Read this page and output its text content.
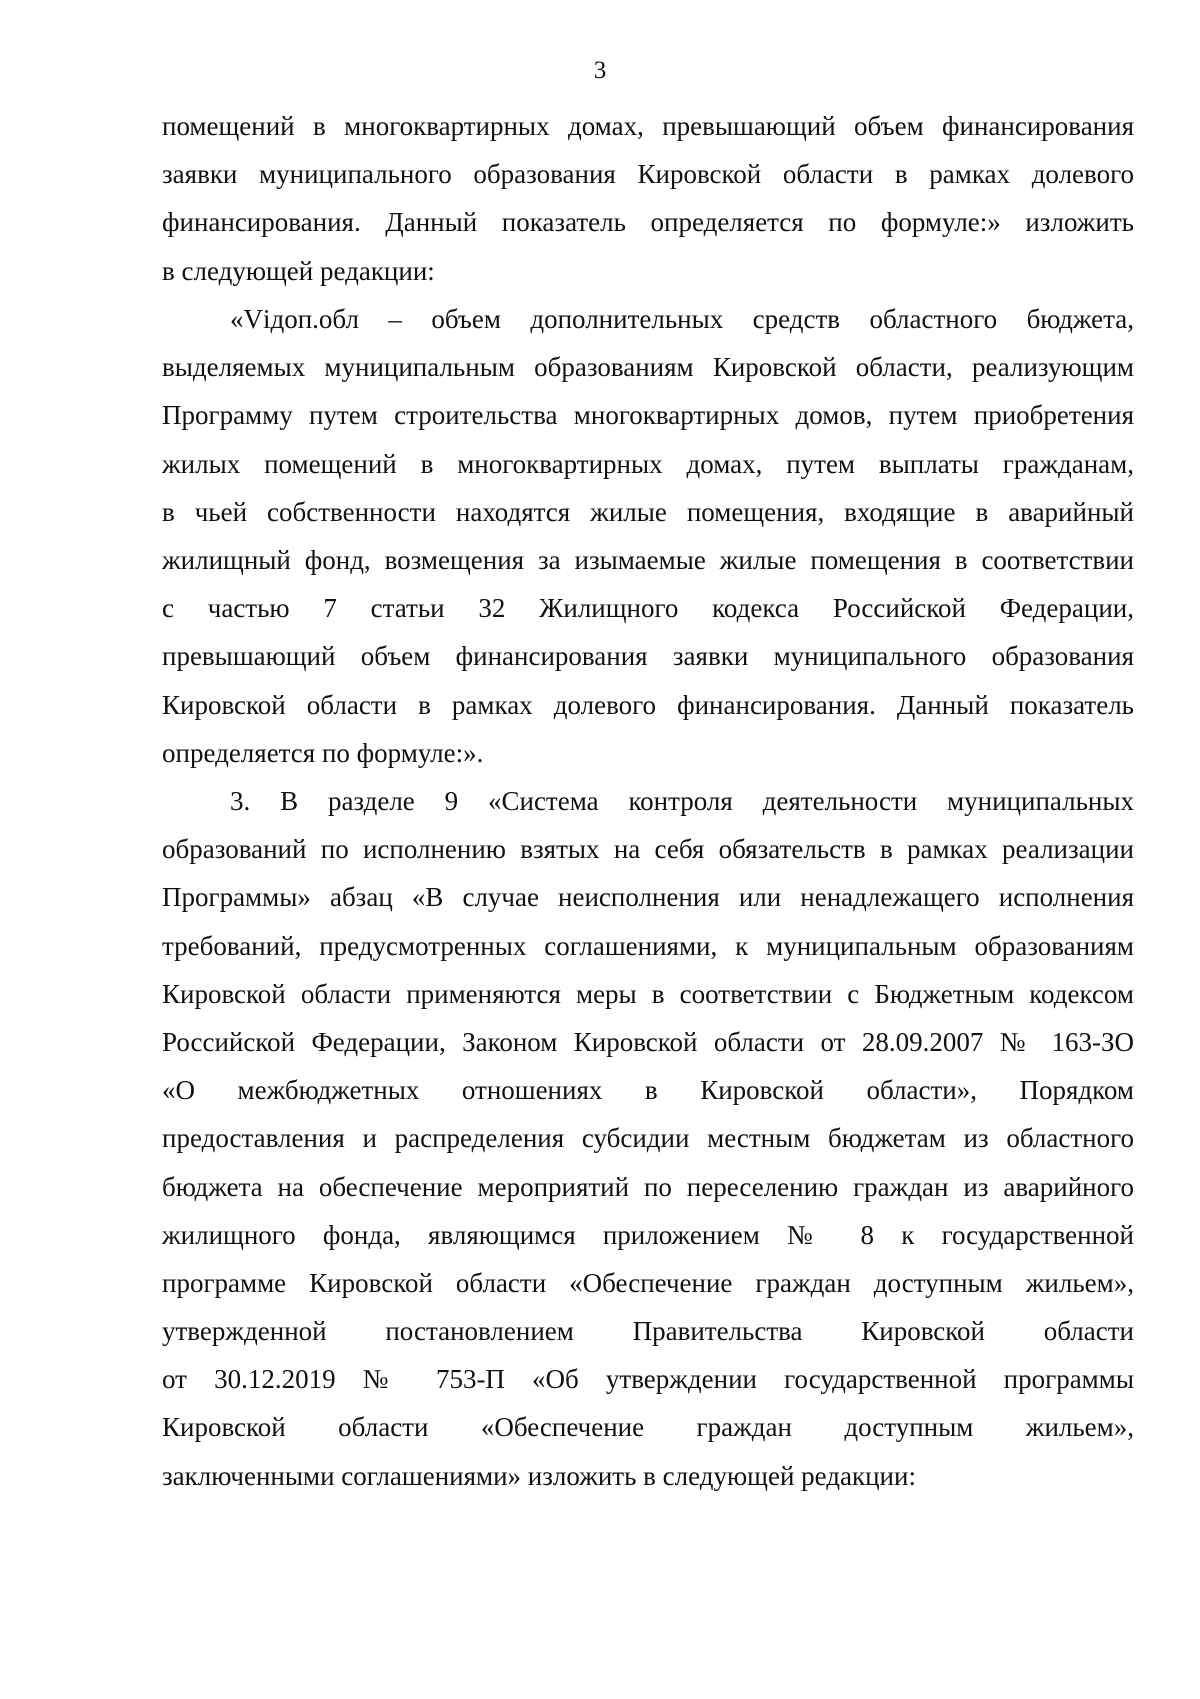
3
помещений в многоквартирных домах, превышающий объем финансирования
заявки муниципального образования Кировской области в рамках долевого
финансирования. Данный показатель определяется по формуле:» изложить
в следующей редакции:
«Vідоп.обл – объем дополнительных средств областного бюджета,
выделяемых муниципальным образованиям Кировской области, реализующим
Программу путем строительства многоквартирных домов, путем приобретения
жилых помещений в многоквартирных домах, путем выплаты гражданам,
в чьей собственности находятся жилые помещения, входящие в аварийный
жилищный фонд, возмещения за изымаемые жилые помещения в соответствии
с частью 7 статьи 32 Жилищного кодекса Российской Федерации,
превышающий объем финансирования заявки муниципального образования
Кировской области в рамках долевого финансирования. Данный показатель
определяется по формуле:».
3. В разделе 9 «Система контроля деятельности муниципальных
образований по исполнению взятых на себя обязательств в рамках реализации
Программы» абзац «В случае неисполнения или ненадлежащего исполнения
требований, предусмотренных соглашениями, к муниципальным образованиям
Кировской области применяются меры в соответствии с Бюджетным кодексом
Российской Федерации, Законом Кировской области от 28.09.2007 № 163-ЗО
«О межбюджетных отношениях в Кировской области», Порядком
предоставления и распределения субсидии местным бюджетам из областного
бюджета на обеспечение мероприятий по переселению граждан из аварийного
жилищного фонда, являющимся приложением № 8 к государственной
программе Кировской области «Обеспечение граждан доступным жильем»,
утвержденной постановлением Правительства Кировской области
от 30.12.2019 № 753-П «Об утверждении государственной программы
Кировской области «Обеспечение граждан доступным жильем»,
заключенными соглашениями» изложить в следующей редакции:
